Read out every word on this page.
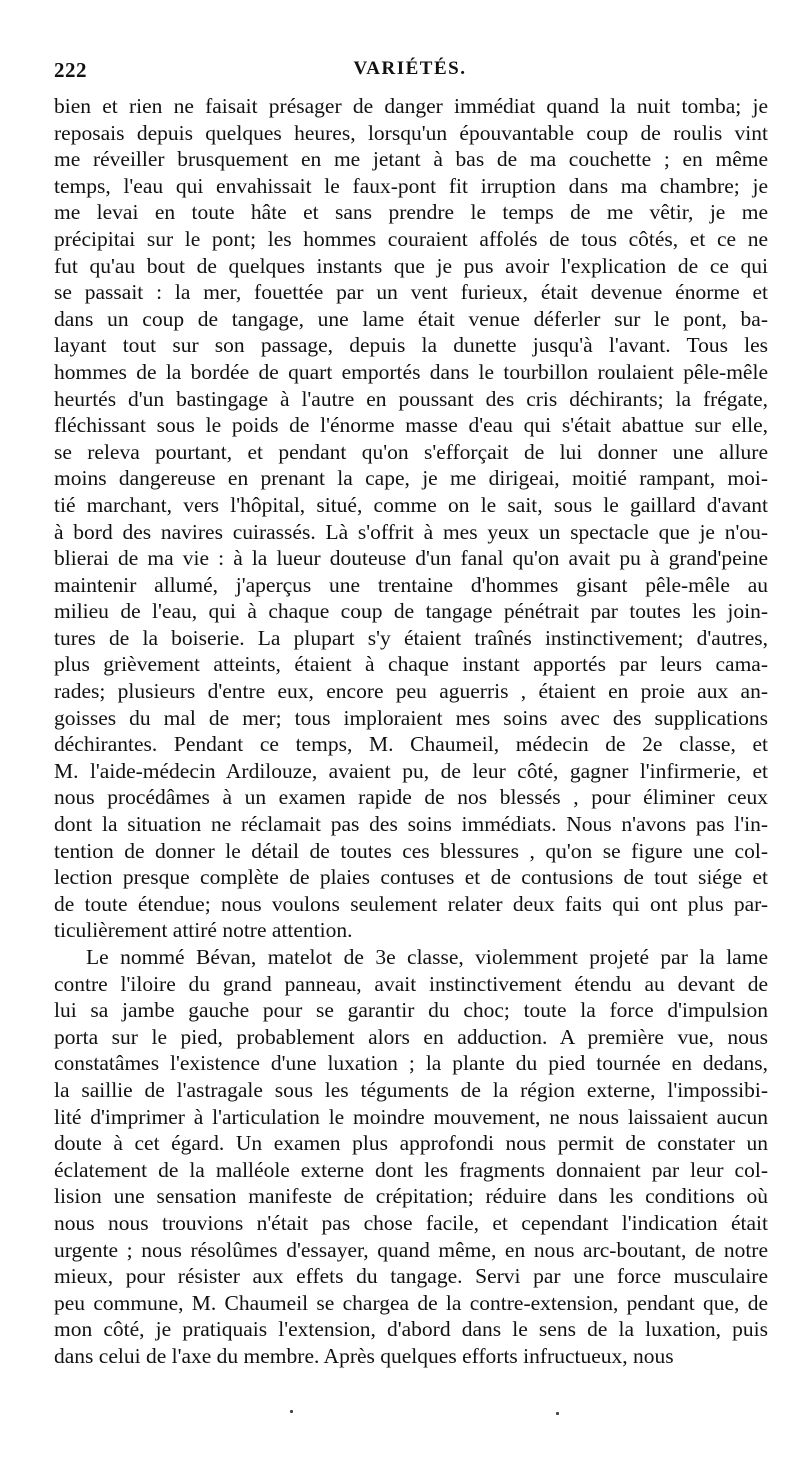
222	VARIÉTÉS.
bien et rien ne faisait présager de danger immédiat quand la nuit tomba; je
reposais depuis quelques heures, lorsqu'un épouvantable coup de roulis vint
me réveiller brusquement en me jetant à bas de ma couchette ; en même
temps, l'eau qui envahissait le faux-pont fit irruption dans ma chambre; je
me levai en toute hâte et sans prendre le temps de me vêtir, je me
précipitai sur le pont; les hommes couraient affolés de tous côtés, et ce ne
fut qu'au bout de quelques instants que je pus avoir l'explication de ce qui
se passait : la mer, fouettée par un vent furieux, était devenue énorme et
dans un coup de tangage, une lame était venue déferler sur le pont, ba-
layant tout sur son passage, depuis la dunette jusqu'à l'avant. Tous les
hommes de la bordée de quart emportés dans le tourbillon roulaient pêle-mêle
heurtés d'un bastingage à l'autre en poussant des cris déchirants; la frégate,
fléchissant sous le poids de l'énorme masse d'eau qui s'était abattue sur elle,
se releva pourtant, et pendant qu'on s'efforçait de lui donner une allure
moins dangereuse en prenant la cape, je me dirigeai, moitié rampant, moi-
tié marchant, vers l'hôpital, situé, comme on le sait, sous le gaillard d'avant
à bord des navires cuirassés. Là s'offrit à mes yeux un spectacle que je n'ou-
blierai de ma vie : à la lueur douteuse d'un fanal qu'on avait pu à grand'peine
maintenir allumé, j'aperçus une trentaine d'hommes gisant pêle-mêle au
milieu de l'eau, qui à chaque coup de tangage pénétrait par toutes les join-
tures de la boiserie. La plupart s'y étaient traînés instinctivement; d'autres,
plus grièvement atteints, étaient à chaque instant apportés par leurs cama-
rades; plusieurs d'entre eux, encore peu aguerris , étaient en proie aux an-
goisses du mal de mer; tous imploraient mes soins avec des supplications
déchirantes. Pendant ce temps, M. Chaumeil, médecin de 2e classe, et
M. l'aide-médecin Ardilouze, avaient pu, de leur côté, gagner l'infirmerie, et
nous procédâmes à un examen rapide de nos blessés , pour éliminer ceux
dont la situation ne réclamait pas des soins immédiats. Nous n'avons pas l'in-
tention de donner le détail de toutes ces blessures , qu'on se figure une col-
lection presque complète de plaies contuses et de contusions de tout siége et
de toute étendue; nous voulons seulement relater deux faits qui ont plus par-
ticulièrement attiré notre attention.
Le nommé Bévan, matelot de 3e classe, violemment projeté par la lame
contre l'iloire du grand panneau, avait instinctivement étendu au devant de
lui sa jambe gauche pour se garantir du choc; toute la force d'impulsion
porta sur le pied, probablement alors en adduction. A première vue, nous
constatâmes l'existence d'une luxation ; la plante du pied tournée en dedans,
la saillie de l'astragale sous les téguments de la région externe, l'impossibi-
lité d'imprimer à l'articulation le moindre mouvement, ne nous laissaient aucun
doute à cet égard. Un examen plus approfondi nous permit de constater un
éclatement de la malléole externe dont les fragments donnaient par leur col-
lision une sensation manifeste de crépitation; réduire dans les conditions où
nous nous trouvions n'était pas chose facile, et cependant l'indication était
urgente ; nous résolûmes d'essayer, quand même, en nous arc-boutant, de notre
mieux, pour résister aux effets du tangage. Servi par une force musculaire
peu commune, M. Chaumeil se chargea de la contre-extension, pendant que, de
mon côté, je pratiquais l'extension, d'abord dans le sens de la luxation, puis
dans celui de l'axe du membre. Après quelques efforts infructueux, nous
